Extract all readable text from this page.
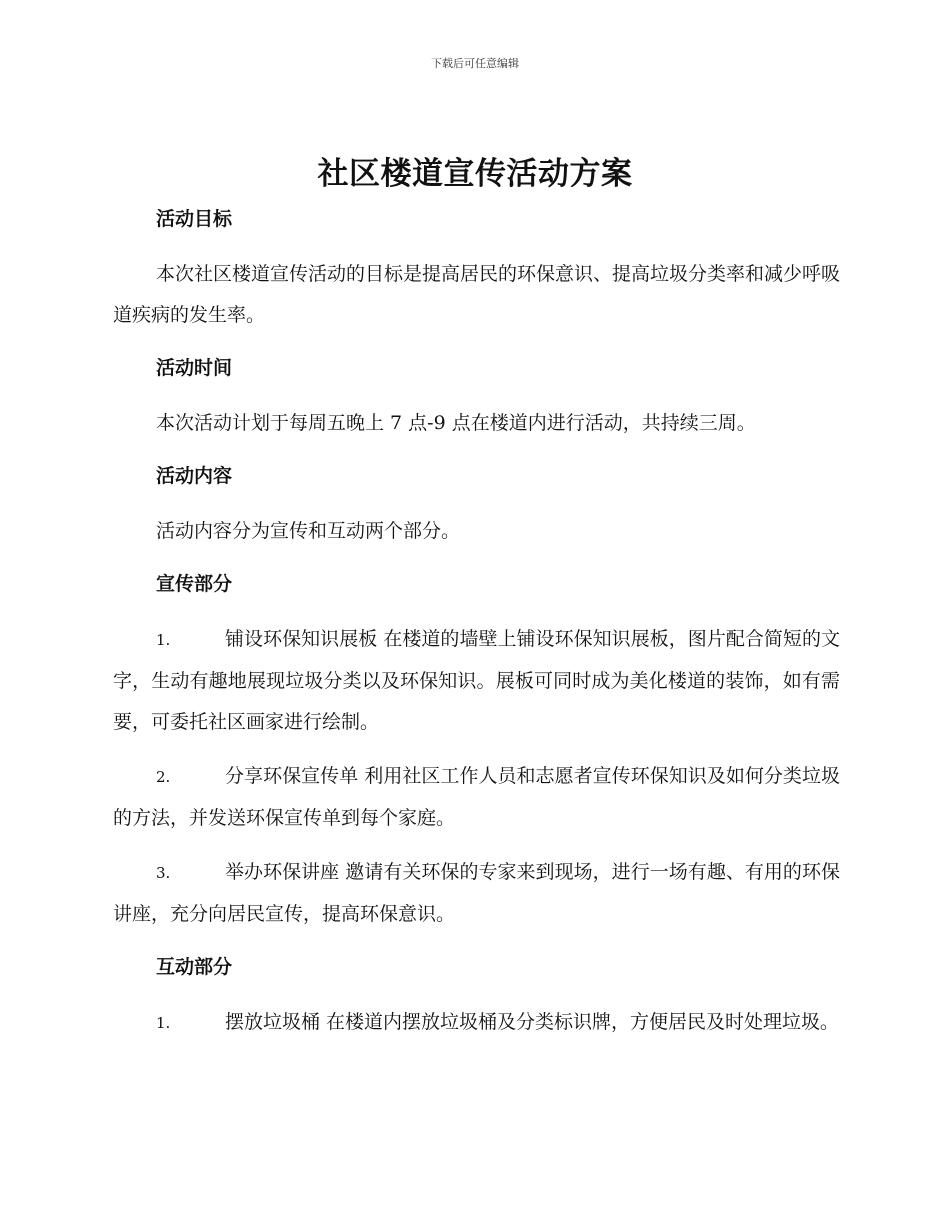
下载后可任意编辑
社区楼道宣传活动方案
活动目标

本次社区楼道宣传活动的目标是提高居民的环保意识、提高垃圾分类率和减少呼吸道疾病的发生率。

活动时间

本次活动计划于每周五晚上 7 点-9 点在楼道内进行活动，共持续三周。

活动内容

活动内容分为宣传和互动两个部分。

宣传部分

1.	铺设环保知识展板 在楼道的墙壁上铺设环保知识展板，图片配合简短的文字，生动有趣地展现垃圾分类以及环保知识。展板可同时成为美化楼道的装饰，如有需要，可委托社区画家进行绘制。

2.	分享环保宣传单 利用社区工作人员和志愿者宣传环保知识及如何分类垃圾的方法，并发送环保宣传单到每个家庭。

3.	举办环保讲座 邀请有关环保的专家来到现场，进行一场有趣、有用的环保讲座，充分向居民宣传，提高环保意识。

互动部分

1.	摆放垃圾桶 在楼道内摆放垃圾桶及分类标识牌，方便居民及时处理垃圾。
